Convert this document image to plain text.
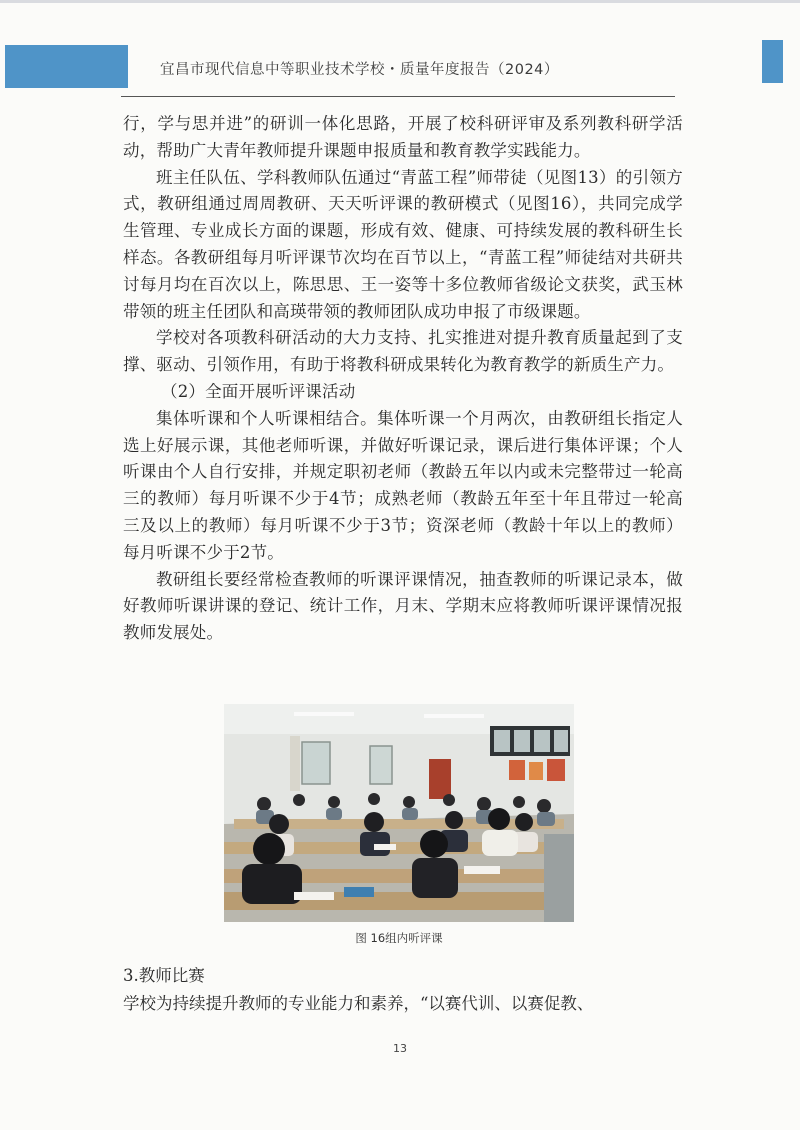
宜昌市现代信息中等职业技术学校・质量年度报告（2024）

行，学与思并进”的研训一体化思路，开展了校科研评审及系列教科研学活动，帮助广大青年教师提升课题申报质量和教育教学实践能力。

班主任队伍、学科教师队伍通过“青蓝工程”师带徒（见图13）的引领方式，教研组通过周周教研、天天听评课的教研模式（见图16），共同完成学生管理、专业成长方面的课题，形成有效、健康、可持续发展的教科研生长样态。各教研组每月听评课节次均在百节以上，“青蓝工程”师徒结对共研共讨每月均在百次以上，陈思思、王一姿等十多位教师省级论文获奖，武玉林带领的班主任团队和高瑛带领的教师团队成功申报了市级课题。

学校对各项教科研活动的大力支持、扎实推进对提升教育质量起到了支撑、驱动、引领作用，有助于将教科研成果转化为教育教学的新质生产力。

（2）全面开展听评课活动

集体听课和个人听课相结合。集体听课一个月两次，由教研组长指定人选上好展示课，其他老师听课，并做好听课记录，课后进行集体评课；个人听课由个人自行安排，并规定职初老师（教龄五年以内或未完整带过一轮高三的教师）每月听课不少于4节；成熟老师（教龄五年至十年且带过一轮高三及以上的教师）每月听课不少于3节；资深老师（教龄十年以上的教师）每月听课不少于2节。

教研组长要经常检查教师的听课评课情况，抽查教师的听课记录本，做好教师听课讲课的登记、统计工作，月末、学期末应将教师听课评课情况报教师发展处。

图 16组内听评课

3.教师比赛

学校为持续提升教师的专业能力和素养，“以赛代训、以赛促教、

13
